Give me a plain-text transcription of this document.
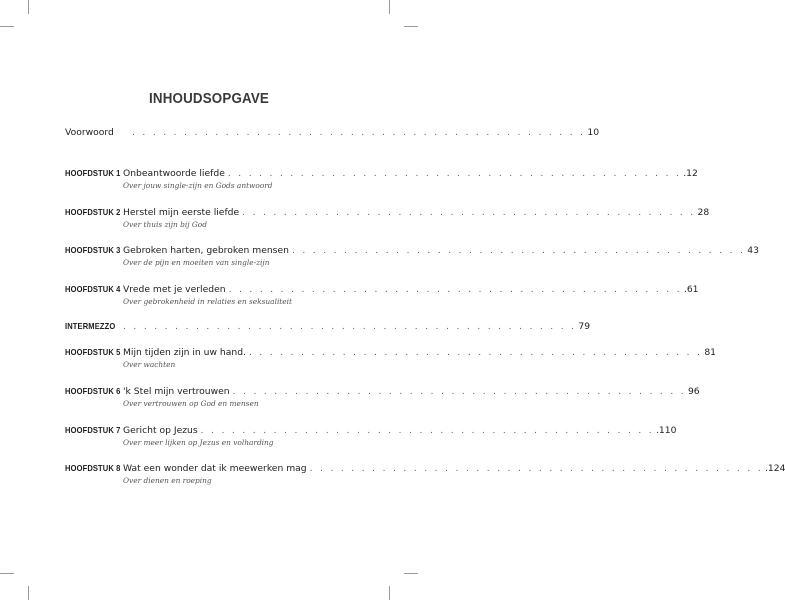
INHOUDSOPGAVE
Voorwoord	. . . . . . . . . . . . . . . . . . . . . . . . . . . . . . . . . . . . . . . . . . . . 10
HOOFDSTUK 1 Onbeantwoorde liefde . . . . . . . . . . . . . . . . . . . . . . . . . . . . . . . . . . . . . . . . . . . . .12
Over jouw single-zijn en Gods antwoord
HOOFDSTUK 2 Herstel mijn eerste liefde . . . . . . . . . . . . . . . . . . . . . . . . . . . . . . . . . . . . . . . . . . . . 28
Over thuis zijn bij God
HOOFDSTUK 3 Gebroken harten, gebroken mensen . . . . . . . . . . . . . . . . . . . . . . . . . . . . . . . . . . . . . . . . . . . . 43
Over de pijn en moeiten van single-zijn
HOOFDSTUK 4 Vrede met je verleden . . . . . . . . . . . . . . . . . . . . . . . . . . . . . . . . . . . . . . . . . . . . .61
Over gebrokenheid in relaties en seksualiteit
INTERMEZZO . . . . . . . . . . . . . . . . . . . . . . . . . . . . . . . . . . . . . . . . . . . . 79
HOOFDSTUK 5 Mijn tijden zijn in uw hand. . . . . . . . . . . . . . . . . . . . . . . . . . . . . . . . . . . . . . . . . . . . . 81
Over wachten
HOOFDSTUK 6 'k Stel mijn vertrouwen . . . . . . . . . . . . . . . . . . . . . . . . . . . . . . . . . . . . . . . . . . . . 96
Over vertrouwen op God en mensen
HOOFDSTUK 7 Gericht op Jezus . . . . . . . . . . . . . . . . . . . . . . . . . . . . . . . . . . . . . . . . . . . . .110
Over meer lijken op Jezus en volharding
HOOFDSTUK 8 Wat een wonder dat ik meewerken mag . . . . . . . . . . . . . . . . . . . . . . . . . . . . . . . . . . . . . . . . . . . . .124
Over dienen en roeping
